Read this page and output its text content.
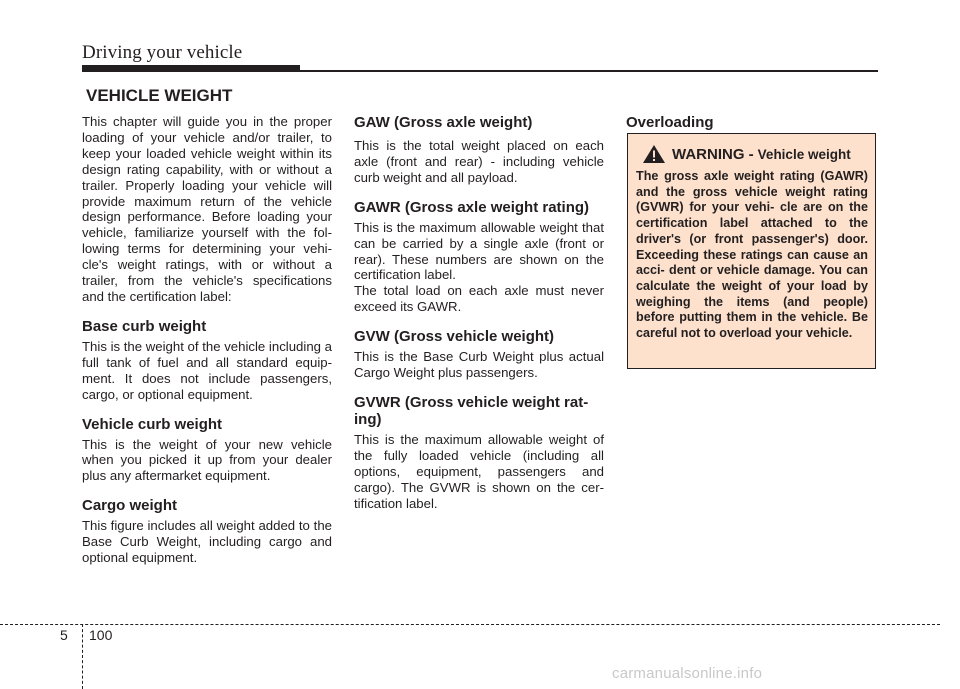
Driving your vehicle
VEHICLE WEIGHT

This chapter will guide you in the proper loading of your vehicle and/or trailer, to keep your loaded vehicle weight within its design rating capability, with or without a trailer. Properly loading your vehicle will provide maximum return of the vehicle design performance. Before loading your vehicle, familiarize yourself with the fol- lowing terms for determining your vehi- cle's weight ratings, with or without a trailer, from the vehicle's specifications and the certification label:

Base curb weight

This is the weight of the vehicle including a full tank of fuel and all standard equip- ment. It does not include passengers, cargo, or optional equipment.

Vehicle curb weight

This is the weight of your new vehicle when you picked it up from your dealer plus any aftermarket equipment.

Cargo weight

This figure includes all weight added to the Base Curb Weight, including cargo and optional equipment.

GAW (Gross axle weight)

This is the total weight placed on each axle (front and rear) - including vehicle curb weight and all payload.

GAWR (Gross axle weight rating)

This is the maximum allowable weight that can be carried by a single axle (front or rear). These numbers are shown on the certification label.

The total load on each axle must never exceed its GAWR.

GVW (Gross vehicle weight)

This is the Base Curb Weight plus actual Cargo Weight plus passengers.

GVWR (Gross vehicle weight rat- ing)

This is the maximum allowable weight of the fully loaded vehicle (including all options, equipment, passengers and cargo). The GVWR is shown on the cer- tification label.

Overloading
WARNING - Vehicle weight

The gross axle weight rating (GAWR) and the gross vehicle weight rating (GVWR) for your vehi- cle are on the certification label attached to the driver's (or front passenger's) door. Exceeding these ratings can cause an acci- dent or vehicle damage. You can calculate the weight of your load by weighing the items (and people) before putting them in the vehicle. Be careful not to overload your vehicle.

5 100
carmanualsonline.info
